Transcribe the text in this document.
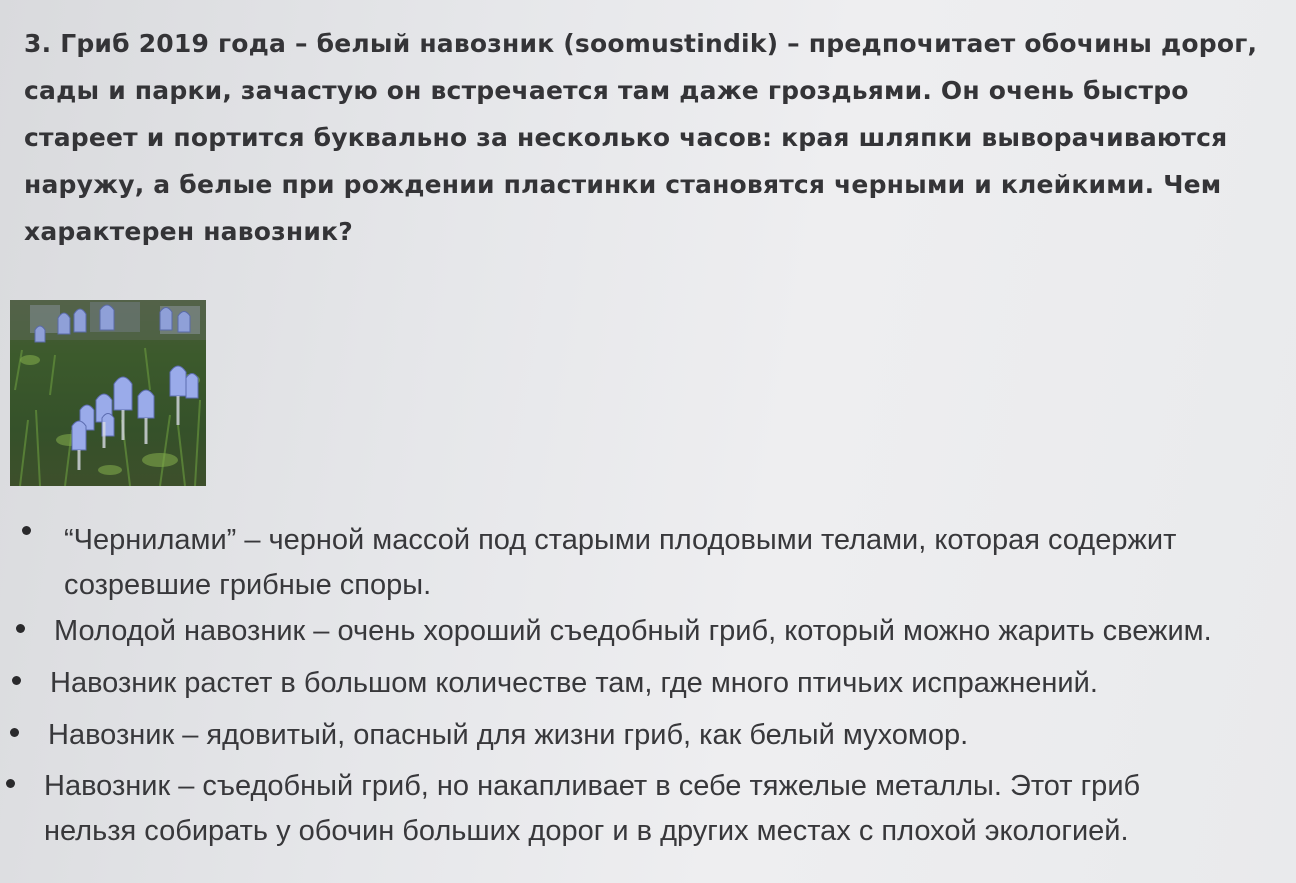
3. Гриб 2019 года – белый навозник (soomustindik) – предпочитает обочины дорог,
сады и парки, зачастую он встречается там даже гроздьями. Он очень быстро
стареет и портится буквально за несколько часов: края шляпки выворачиваются
наружу, а белые при рождении пластинки становятся черными и клейкими. Чем
характерен навозник?
“Чернилами” – черной массой под старыми плодовыми телами, которая содержит
созревшие грибные споры.
Молодой навозник – очень хороший съедобный гриб, который можно жарить свежим.
Навозник растет в большом количестве там, где много птичьих испражнений.
Навозник – ядовитый, опасный для жизни гриб, как белый мухомор.
Навозник – съедобный гриб, но накапливает в себе тяжелые металлы. Этот гриб
нельзя собирать у обочин больших дорог и в других местах с плохой экологией.
